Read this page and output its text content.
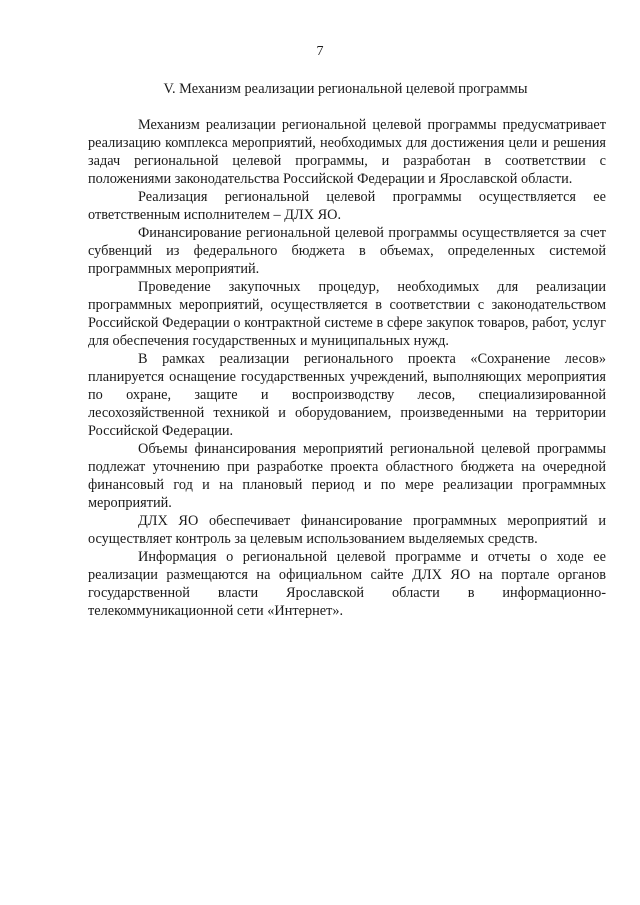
7
V. Механизм реализации региональной целевой программы

Механизм реализации региональной целевой программы предусматривает реализацию комплекса мероприятий, необходимых для достижения цели и решения задач региональной целевой программы, и разработан в соответствии с положениями законодательства Российской Федерации и Ярославской области.

Реализация региональной целевой программы осуществляется ее ответственным исполнителем – ДЛХ ЯО.

Финансирование региональной целевой программы осуществляется за счет субвенций из федерального бюджета в объемах, определенных системой программных мероприятий.

Проведение закупочных процедур, необходимых для реализации программных мероприятий, осуществляется в соответствии с законодательством Российской Федерации о контрактной системе в сфере закупок товаров, работ, услуг для обеспечения государственных и муниципальных нужд.

В рамках реализации регионального проекта «Сохранение лесов» планируется оснащение государственных учреждений, выполняющих мероприятия по охране, защите и воспроизводству лесов, специализированной лесохозяйственной техникой и оборудованием, произведенными на территории Российской Федерации.

Объемы финансирования мероприятий региональной целевой программы подлежат уточнению при разработке проекта областного бюджета на очередной финансовый год и на плановый период и по мере реализации программных мероприятий.

ДЛХ ЯО обеспечивает финансирование программных мероприятий и осуществляет контроль за целевым использованием выделяемых средств.

Информация о региональной целевой программе и отчеты о ходе ее реализации размещаются на официальном сайте ДЛХ ЯО на портале органов государственной власти Ярославской области в информационно-телекоммуникационной сети «Интернет».
